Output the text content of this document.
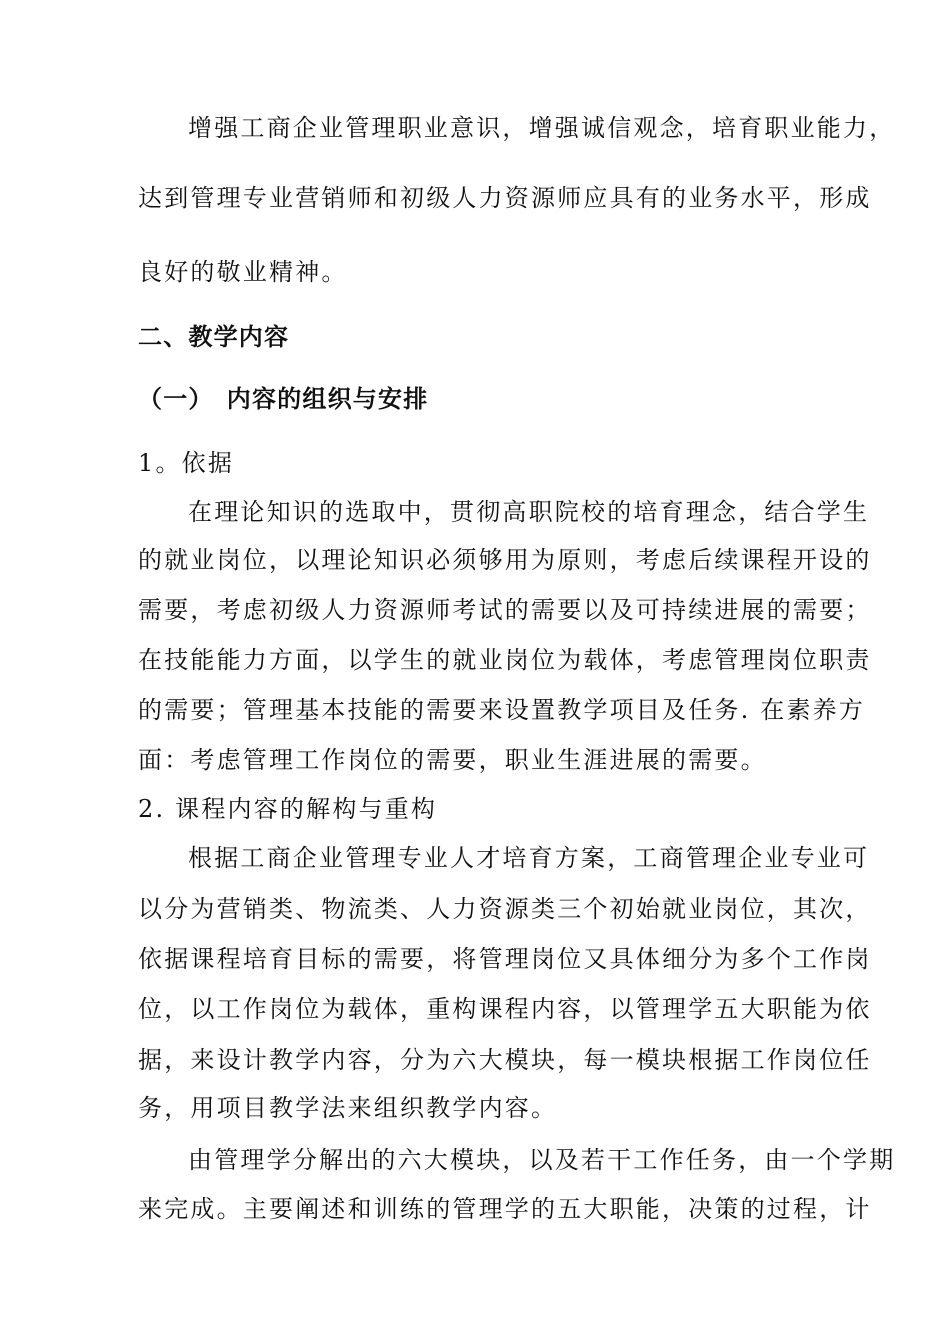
增强工商企业管理职业意识，增强诚信观念，培育职业能力，
达到管理专业营销师和初级人力资源师应具有的业务水平，形成
良好的敬业精神。
二、教学内容
（一）　内容的组织与安排
1。依据
在理论知识的选取中，贯彻高职院校的培育理念，结合学生
的就业岗位，以理论知识必须够用为原则，考虑后续课程开设的
需要，考虑初级人力资源师考试的需要以及可持续进展的需要；
在技能能力方面，以学生的就业岗位为载体，考虑管理岗位职责
的需要；管理基本技能的需要来设置教学项目及任务. 在素养方
面：考虑管理工作岗位的需要，职业生涯进展的需要。
2. 课程内容的解构与重构
根据工商企业管理专业人才培育方案，工商管理企业专业可
以分为营销类、物流类、人力资源类三个初始就业岗位，其次，
依据课程培育目标的需要，将管理岗位又具体细分为多个工作岗
位，以工作岗位为载体，重构课程内容，以管理学五大职能为依
据，来设计教学内容，分为六大模块，每一模块根据工作岗位任
务，用项目教学法来组织教学内容。
由管理学分解出的六大模块，以及若干工作任务，由一个学期
来完成。主要阐述和训练的管理学的五大职能，决策的过程，计
